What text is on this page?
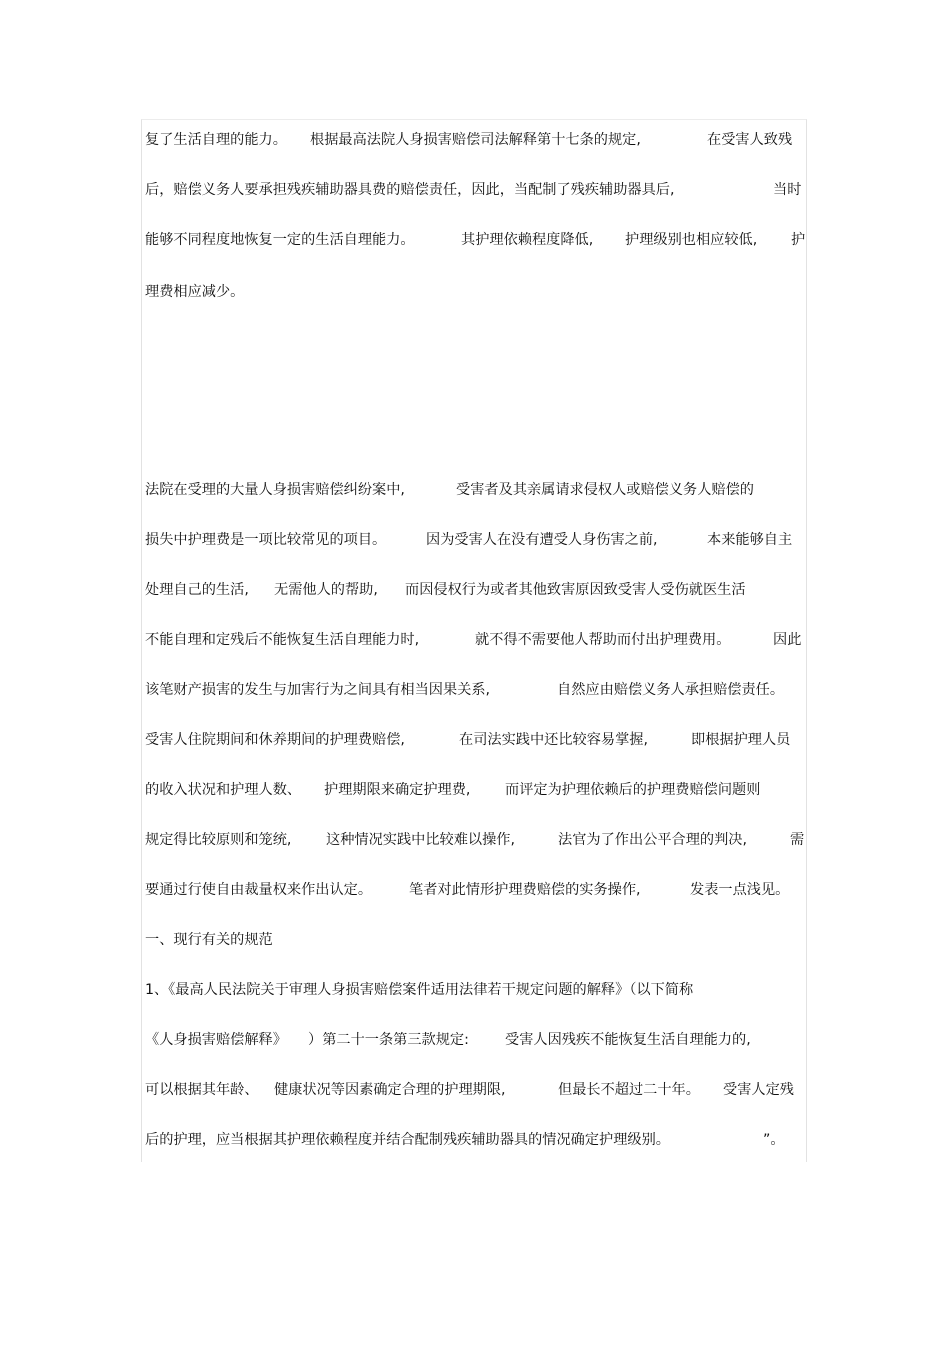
复了生活自理的能力。 根据最高法院人身损害赔偿司法解释第十七条的规定,	在受害人致残
后，赔偿义务人要承担残疾辅助器具费的赔偿责任，因此，当配制了残疾辅助器具后,	当时
能够不同程度地恢复一定的生活自理能力。	其护理依赖程度降低, 护理级别也相应较低, 护
理费相应减少。
法院在受理的大量人身损害赔偿纠纷案中,	受害者及其亲属请求侵权人或赔偿义务人赔偿的
损失中护理费是一项比较常见的项目。	因为受害人在没有遭受人身伤害之前,	本来能够自主
处理自己的生活, 无需他人的帮助, 而因侵权行为或者其他致害原因致受害人受伤就医生活
不能自理和定残后不能恢复生活自理能力时,	就不得不需要他人帮助而付出护理费用。	因此
该笔财产损害的发生与加害行为之间具有相当因果关系,	自然应由赔偿义务人承担赔偿责任。
受害人住院期间和休养期间的护理费赔偿,	在司法实践中还比较容易掌握,	即根据护理人员
的收入状况和护理人数、 护理期限来确定护理费, 而评定为护理依赖后的护理费赔偿问题则
规定得比较原则和笼统, 这种情况实践中比较难以操作,	法官为了作出公平合理的判决,	需
要通过行使自由裁量权来作出认定。	笔者对此情形护理费赔偿的实务操作,	发表一点浅见。
一、现行有关的规范
1、《最高人民法院关于审理人身损害赔偿案件适用法律若干规定问题的解释》（以下简称
《人身损害赔偿解释》 ）第二十一条第三款规定:	受害人因残疾不能恢复生活自理能力的,
可以根据其年龄、 健康状况等因素确定合理的护理期限,	但最长不超过二十年。 受害人定残
后的护理，应当根据其护理依赖程度并结合配制残疾辅助器具的情况确定护理级别。	”。
